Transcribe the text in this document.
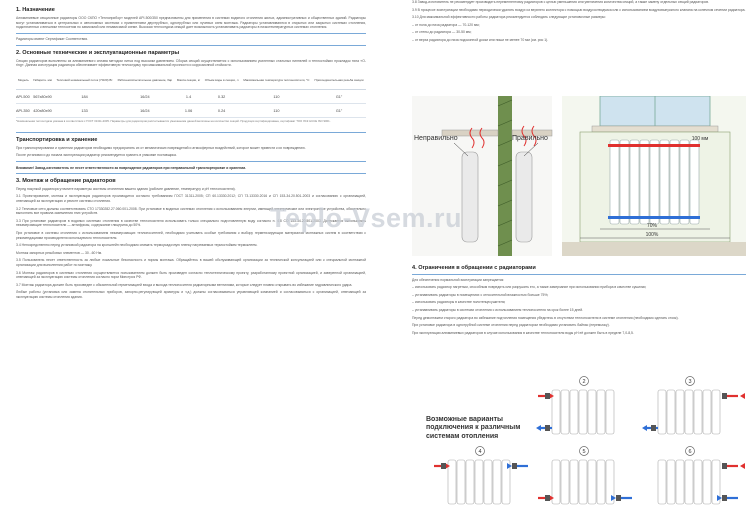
1. Назначение

Алюминиевые секционные радиаторы ООО СКПО «Теплоприбор» моделей API-500/350 предназначены для применения в системах водяного отопления жилых, административных и общественных зданий. Радиаторы могут устанавливаться в центральных и автономных системах с применением двухтрубных, однотрубных или лучевых схем монтажа. Радиаторы устанавливаются в открытых или закрытых системах отопления, подключенных к внешним теплосетям по зависимой или независимой схеме. Высокая теплоотдача секций дает возможность устанавливать радиаторы в низкотемпературных системах отопления.

Радиаторы имеют Сертификат Соответствия.

2. Основные технические и эксплуатационные параметры

Секции радиаторов выполнены из алюминиевого сплава методом литья под высоким давлением. Сборка секций осуществляется с использованием усиленных стальных ниппелей и теплостойких прокладок типа «O-ring». Данная конструкция радиатора обеспечивает эффективную теплоотдачу при максимальной прочности и коррозионной стойкости.

Модель	Габаритн. мм	Тепловой номинальный поток (70/20) Вт	Рабочее/испытательное давление, бар	Масса секции, кг	Объем воды в секции, л	Максимальная температура теплоносителя, °С	Присоединительная резьба секции
API-500	567х80х90	184	16/24	1.4	0.32	110	G1"
API-350	420х80х90	133	16/24	1.06	0.24	110	G1"
*Номинальная теплоотдача указана в соответствии с ГОСТ 31311-2005. Параметры для радиаторов рассчитываются умножением данной величины на количество секций. Продукция сертифицирована, сертификат ТОО ЛСК НССЕ ISO 9001.
Транспортировка и хранение

При транспортировании и хранении радиаторов необходимо предохранять их от механических повреждений и атмосферных воздействий, которое может привести к их повреждению.

После установки и до начала эксплуатации радиатор рекомендуется хранить в упаковке поставщика.

Внимание! Завод-изготовитель не несет ответственности за повреждение радиаторов при неправильной транспортировке и хранении.

3. Монтаж и обращение радиаторов

Перед покупкой радиатора уточните параметры системы отопления вашего здания (рабочее давление, температуру и pH теплоносителя).

3.1 Проектирование, монтаж и эксплуатация радиаторов производится согласно требованиям ГОСТ 31311-2005; СП 60.13330.2012; СП 73.13330.2016 и СП 153-34.20.501-2003 и согласованию с организацией, отвечающей за эксплуатацию и ремонт системы отопления.

3.2 Тепловые сети должны соответствовать СТО 17330282.27.060.001-2008. При установке в водяных системах отопления с использованием энергии, имеющей электрические или электронные устройства, обязательно выполнить все правила заземления этих устройств.

3.3 При установке радиаторов в водяных системах отопления в качестве теплоносителя использовать только специально подготовленную воду согласно п. 4.8 СО 153-34.20.501-2003. Допускается использовать незамерзающие теплоносители — антифризы, содержание глицерина до 50%.

При установке в системы отопления с использованием незамерзающих теплоносителей, необходимо учитывать особые требования к выбору герметизирующих материалов монтажных систем в соответствии с рекомендациями производителя используемого теплоносителя.

3.4 Непосредственно перед установкой радиатора на кронштейн необходимо снимать термоусадочную пленку нагреваемых термостойким термоклеем.

Монтаж запорных резьбовых элементов — 30...60 Нм.

3.5 Пользователь несет ответственность за любые локальные безопасность и нормы монтажа. Обращайтесь в вашей обслуживающей организации за технической консультацией или к специальной монтажной организации для выполнения работ по монтажу.

3.6 Монтаж радиаторов в системах отопления осуществляется пользователем должен быть произведен согласно теплотехническому проекту, разработанному проектной организацией, и заверенной организацией, отвечающей за эксплуатацию системы отопления согласно норм Минстроя РФ.

3.7 Монтаж радиатора должен быть произведен с обязательной герметизацией входа и выхода теплоносителя радиаторными вентилями, которые следует плавно открывать во избежание гидравлического удара.

Любые работы (установка или замена отопительных приборов, запорно-регулирующей арматуры и т.д.) должны согласовываться управляющей компанией и согласовываться с организацией, отвечающей за эксплуатацию системы отопления здания.

3.8 Завод-изготовитель не рекомендует производить переменгентовку радиаторов с целью уменьшения или увеличения количества секций, а также замену отдельных секций радиаторов.

3.9 В процессе эксплуатации необходимо периодически удалять воздух из верхнего коллектора с помощью воздухоотводчика или с использованием воздуховыпускного клапана на конечном сечении радиатора.

3.10 Для максимальной эффективности работы радиатора рекомендуется соблюдать следующие установочные размеры:

– от пола до низа радиатора — 70-120 мм;

– от стены до радиатора — 30-50 мм;

– от верха радиатора до низа подоконной доски или ниши не менее 70 мм (см. рис 1).

Неправильно	Правильно
70%
100%
100 мм
4. Ограничения в обращении с радиаторами

Для обеспечения нормальной эксплуатации запрещается:

– использовать радиатор нагретым, способным повредить или разрушить его, а также замерзание при использовании прибора в качестве сушилки;

– устанавливать радиаторы в помещениях с относительной влажностью больше 75%;

– использовать радиаторы в качестве полотенцесушителя;

– устанавливать радиаторы в системах отопления с использованием теплоносителя на срок более 15 дней.

Перед демонтажем старого радиатора во избежание подтопления помещения убедитесь в отсутствии теплоносителя в системе отопления (необходимо сделать стояк).

При установке радиатора в однотрубной системе отопления перед радиатором необходимо установить байпас (перемычку).

При эксплуатации алюминиевых радиаторов в случае использования в качестве теплоносителя воды pH её должен быть в пределе 7,0-8,5.

Возможные варианты подключения к различным системам отопления
2	3
4	5	6
Teplo-Vsem.ru
